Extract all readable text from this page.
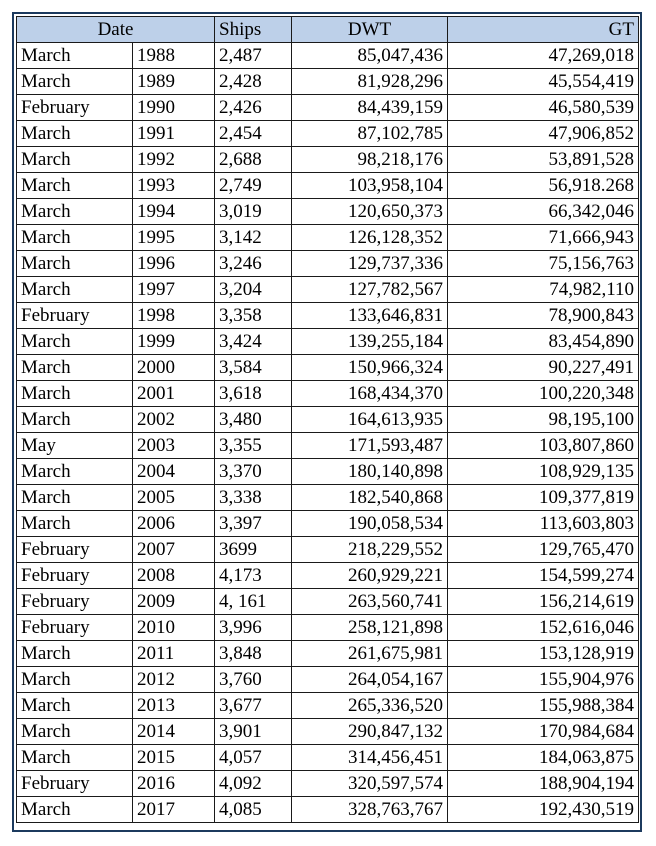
Date		Ships	DWT	GT
March	1988	2,487	85,047,436	47,269,018
March	1989	2,428	81,928,296	45,554,419
February	1990	2,426	84,439,159	46,580,539
March	1991	2,454	87,102,785	47,906,852
March	1992	2,688	98,218,176	53,891,528
March	1993	2,749	103,958,104	56,918.268
March	1994	3,019	120,650,373	66,342,046
March	1995	3,142	126,128,352	71,666,943
March	1996	3,246	129,737,336	75,156,763
March	1997	3,204	127,782,567	74,982,110
February	1998	3,358	133,646,831	78,900,843
March	1999	3,424	139,255,184	83,454,890
March	2000	3,584	150,966,324	90,227,491
March	2001	3,618	168,434,370	100,220,348
March	2002	3,480	164,613,935	98,195,100
May	2003	3,355	171,593,487	103,807,860
March	2004	3,370	180,140,898	108,929,135
March	2005	3,338	182,540,868	109,377,819
March	2006	3,397	190,058,534	113,603,803
February	2007	3699	218,229,552	129,765,470
February	2008	4,173	260,929,221	154,599,274
February	2009	4, 161	263,560,741	156,214,619
February	2010	3,996	258,121,898	152,616,046
March	2011	3,848	261,675,981	153,128,919
March	2012	3,760	264,054,167	155,904,976
March	2013	3,677	265,336,520	155,988,384
March	2014	3,901	290,847,132	170,984,684
March	2015	4,057	314,456,451	184,063,875
February	2016	4,092	320,597,574	188,904,194
March	2017	4,085	328,763,767	192,430,519
